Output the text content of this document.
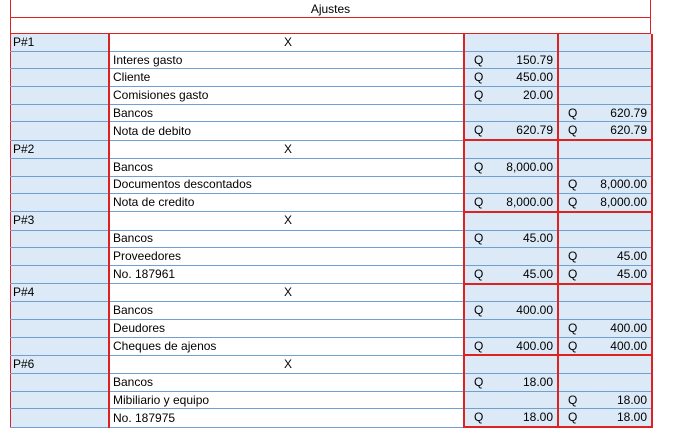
Ajustes
P#1	X		
	Interes gasto	Q 150.79	

	Cliente	Q 450.00	

	Comisiones gasto	Q 20.00	

	Bancos		Q 620.79

	Nota de debito	Q 620.79	Q 620.79

P#2	X		
	Bancos	Q 8,000.00	

	Documentos descontados		Q 8,000.00

	Nota de credito	Q 8,000.00	Q 8,000.00

P#3	X		
	Bancos	Q 45.00	

	Proveedores		Q 45.00

	No. 187961	Q 45.00	Q 45.00

P#4	X		
	Bancos	Q 400.00	

	Deudores		Q 400.00

	Cheques de ajenos	Q 400.00	Q 400.00

P#6	X		
	Bancos	Q 18.00	

	Mibiliario y equipo		Q 18.00

	No. 187975	Q 18.00	Q 18.00
